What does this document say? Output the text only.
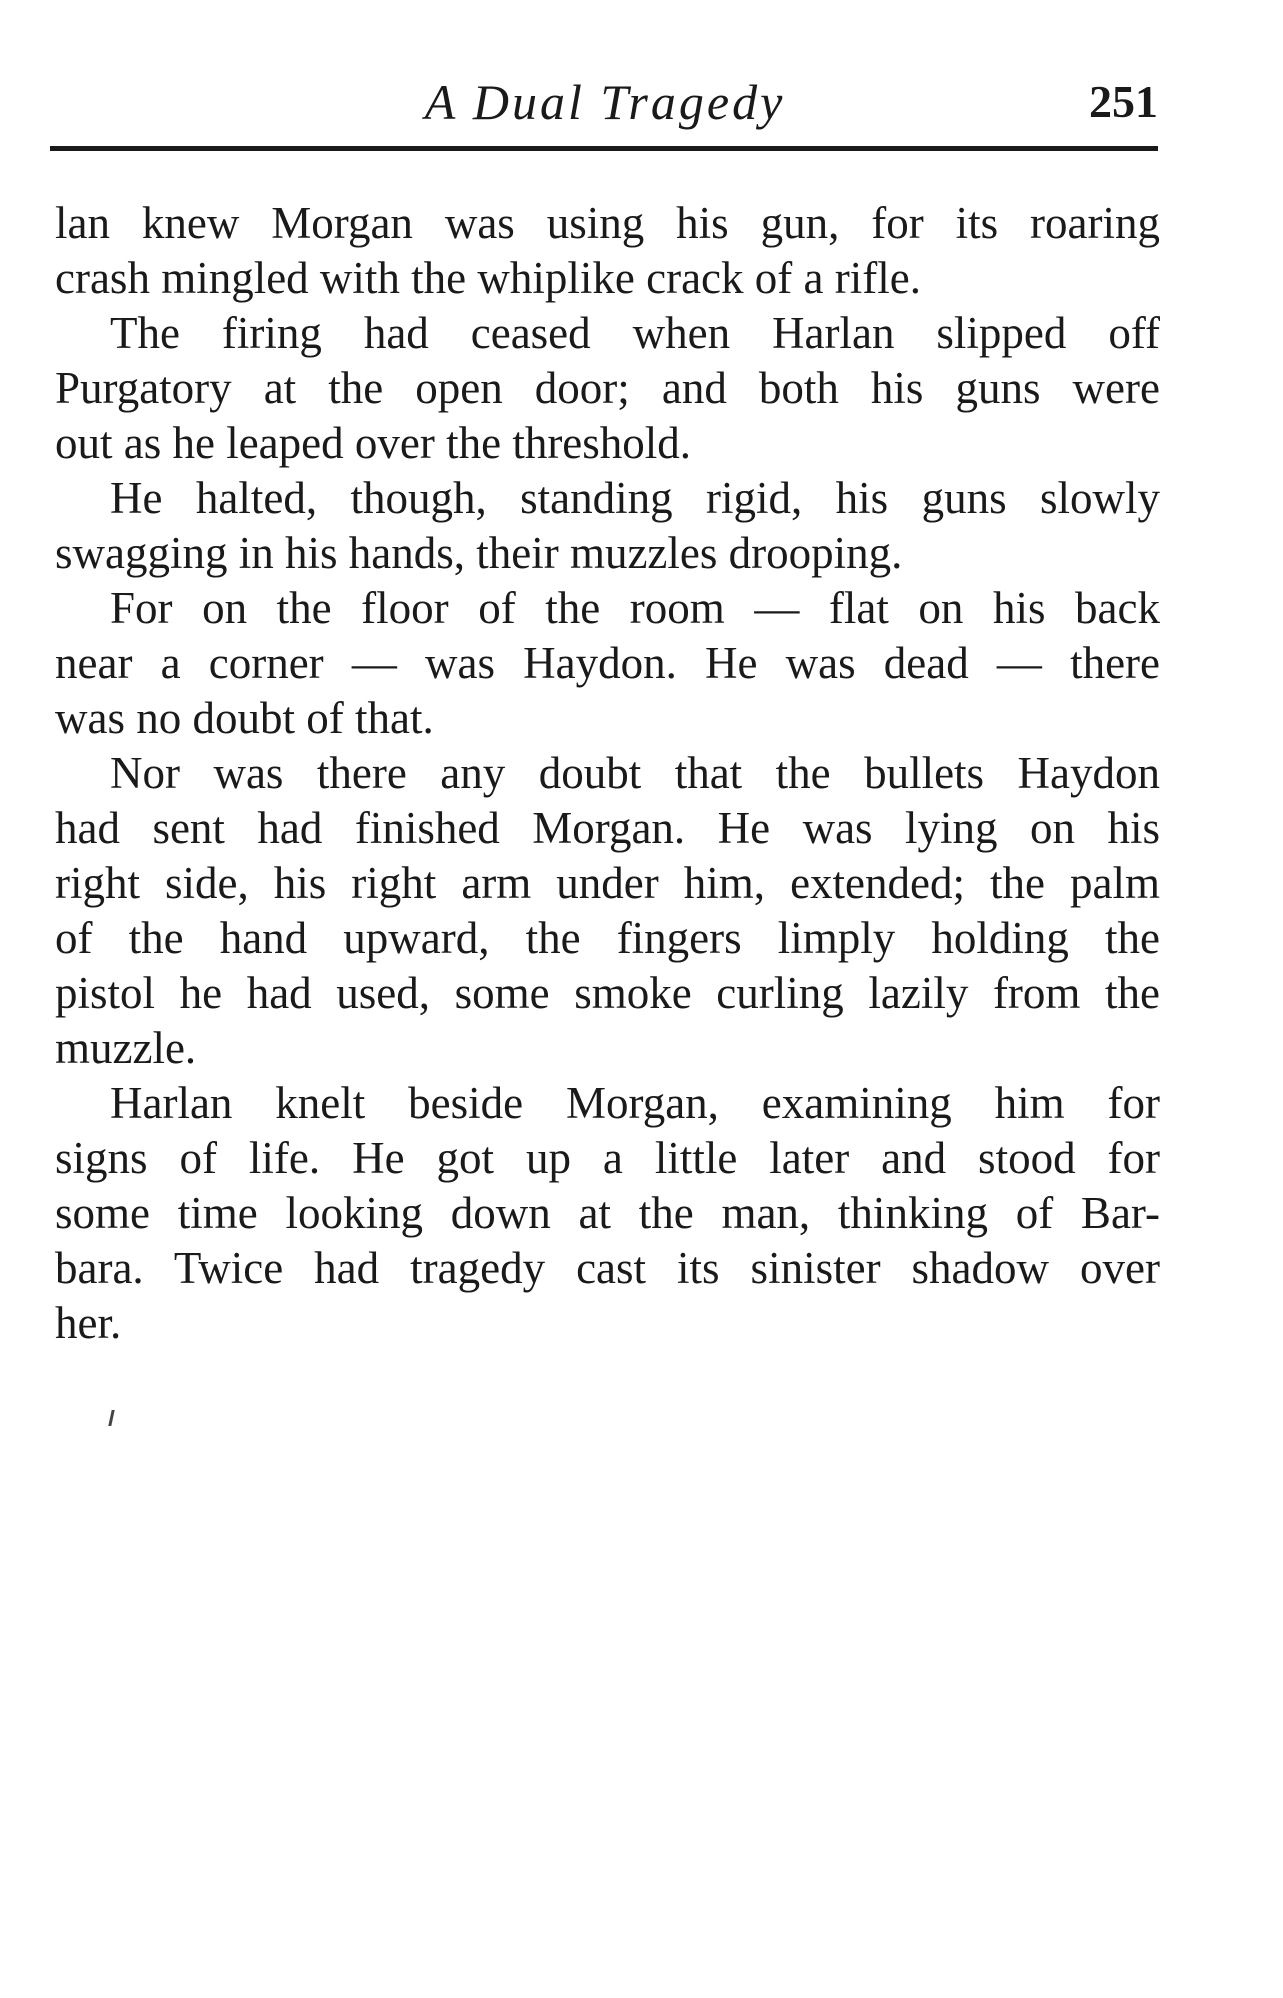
A Dual Tragedy	251
lan knew Morgan was using his gun, for its roaring
crash mingled with the whiplike crack of a rifle.
The firing had ceased when Harlan slipped off
Purgatory at the open door; and both his guns were
out as he leaped over the threshold.
He halted, though, standing rigid, his guns slowly
swagging in his hands, their muzzles drooping.
For on the floor of the room — flat on his back
near a corner — was Haydon. He was dead — there
was no doubt of that.
Nor was there any doubt that the bullets Haydon
had sent had finished Morgan. He was lying on his
right side, his right arm under him, extended; the palm
of the hand upward, the fingers limply holding the
pistol he had used, some smoke curling lazily from the
muzzle.
Harlan knelt beside Morgan, examining him for
signs of life. He got up a little later and stood for
some time looking down at the man, thinking of Bar-
bara. Twice had tragedy cast its sinister shadow over
her.
